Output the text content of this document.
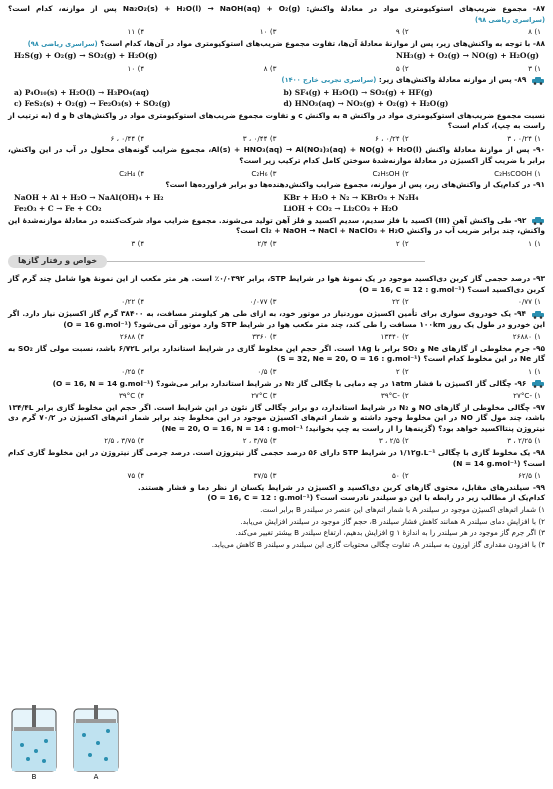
۸۷- مجموع ضریب‌های استوکیومتری مواد در معادلهٔ واکنش: Na₂O₂(s) + H₂O(l) → NaOH(aq) + O₂(g) پس از موازنه، کدام است؟ (سراسری ریاضی ۹۸)
۱) ۸
۲) ۹
۳) ۱۰
۴) ۱۱
۸۸- با توجه به واکنش‌های زیر، پس از موازنهٔ معادلهٔ آن‌ها، تفاوت مجموع ضریب‌های استوکیومتری مواد در آن‌ها، کدام است؟ (سراسری ریاضی ۹۸)
H₂S(g) + O₂(g) → SO₂(g) + H₂O(g)	NH₃(g) + O₂(g) → NO(g) + H₂O(g)
۱) ۳
۲) ۵
۳) ۸
۴) ۱۰
۸۹- پس از موازنه معادلهٔ واکنش‌های زیر: (سراسری تجربی خارج ۱۴۰۰)
a) P₄O₁₀(s) + H₂O(l) → H₃PO₄(aq)	b) SF₄(g) + H₂O(l) → SO₂(g) + HF(g)
c) FeS₂(s) + O₂(g) → Fe₂O₃(s) + SO₂(g)	d) HNO₃(aq) → NO₂(g) + O₂(g) + H₂O(g)
نسبت مجموع ضریب‌های استوکیومتری مواد در واکنش a به واکنش c و تفاوت مجموع ضریب‌های استوکیومتری مواد در واکنش‌های b و d (به ترتیب از راست به چپ)، کدام است؟
۱) ۰/۲۴ ، ۳
۲) ۰/۲۴ ، ۶
۳) ۰/۴۴ ، ۳
۴) ۰/۴۴ ، ۶
۹۰- پس از موازنهٔ معادلهٔ واکنش Al(s) + HNO₃(aq) → Al(NO₃)₃(aq) + NO(g) + H₂O(l)، مجموع ضرایب گونه‌های محلول در آب در این واکنش، برابر با ضریب گاز اکسیژن در معادلهٔ موازنه‌شدهٔ سوختن کامل کدام ترکیب زیر است؟
۱) C₂H₅COOH
۲) C₂H₅OH
۳) C₂H₆
۴) C₂H₄
۹۱- در کدام‌یک از واکنش‌های زیر، پس از موازنه، مجموع ضرایب واکنش‌دهنده‌ها دو برابر فراورده‌ها است؟
NaOH + Al + H₂O → NaAl(OH)₄ + H₂	KBr + H₂O + N₂ → KBrO₃ + N₂H₄
Fe₂O₃ + C → Fe + CO₂	LiOH + CO₂ → Li₂CO₃ + H₂O
۹۲- طی واکنش آهن (III) اکسید با فلز سدیم، سدیم اکسید و فلز آهن تولید می‌شوند. مجموع ضرایب مواد شرکت‌کننده در معادلهٔ موازنه‌شدهٔ این واکنش، چند برابر ضریب آب در واکنش Cl₂ + NaOH → NaCl + NaClO₃ + H₂O است؟
۱) ۱
۲) ۲
۳) ۲/۴
۴) ۳
خواص و رفتار گازها
۹۳- درصد حجمی گاز کربن دی‌اکسید موجود در یک نمونهٔ هوا در شرایط STP، برابر ۰/۰۳۹۲٪ است. هر متر مکعب از این نمونهٔ هوا شامل چند گرم گاز کربن دی‌اکسید است؟ (O = 16, C = 12 : g.mol⁻¹)
۱) ۰/۷۷
۲) ۲۲
۳) ۰/۰۷۷
۴) ۰/۲۲
۹۴- یک خودروی سواری برای تأمین اکسیژن موردنیاز در موتور خود، به ازای طی هر کیلومتر مسافت، به ۳۸۴۰۰ گرم گاز اکسیژن نیاز دارد. اگر این خودرو در طول یک روز ۱۰۰km مسافت را طی کند، چند متر مکعب هوا در شرایط STP وارد موتور آن می‌شود؟ (O = 16 g.mol⁻¹)
۱) ۲۶۸۸۰
۲) ۱۳۴۴۰
۳) ۳۳۶۰
۴) ۲۶۸۸
۹۵- جرم مخلوطی از گازهای Ne و SO₂ برابر با ۱۸g است. اگر حجم این مخلوط گازی در شرایط استاندارد برابر ۶/۷۲L باشد، نسبت مولی گاز SO₂ به گاز Ne در این مخلوط کدام است؟ (S = 32, Ne = 20, O = 16 : g.mol⁻¹)
۱) ۱
۲) ۲
۳) ۰/۵
۴) ۰/۲۵
۹۶- چگالی گاز اکسیژن با فشار ۱atm در چه دمایی با چگالی گاز N₂ در شرایط استاندارد برابر می‌شود؟ (O = 16, N = 14 g.mol⁻¹)
۱) -۲۷°C
۲) -۳۹°C
۳) ۲۷°C
۴) ۳۹°C
۹۷- چگالی مخلوطی از گازهای NO و N₂ در شرایط استاندارد، دو برابر چگالی گاز نئون در این شرایط است. اگر حجم این مخلوط گازی برابر ۱۳۴/۴L باشد، چند مول گاز NO در این مخلوط وجود داشته و شمار اتم‌های اکسیژن موجود در این مخلوط چند برابر شمار اتم‌های اکسیژن در ۷۰/۲ گرم دی نیتروژن پنتااکسید خواهد بود؟ (گزینه‌ها را از راست به چپ بخوانید؛ Ne = 20, O = 16, N = 14 : g.mol⁻¹)
۱) ۲/۲۵ ، ۳
۲) ۲/۵ ، ۳
۳) ۳/۷۵ ، ۲
۴) ۳/۷۵ ، ۲/۵
۹۸- یک مخلوط گازی با چگالی ۱/۱۲g.L⁻¹ در شرایط STP دارای ۵۶ درصد حجمی گاز نیتروژن است. درصد جرمی گاز نیتروژن در این مخلوط گازی کدام است؟ (N = 14 g.mol⁻¹)
۱) ۶۲/۵
۲) ۵۰
۳) ۳۷/۵
۴) ۷۵
۹۹- سیلندرهای مقابل، محتوی گازهای کربن دی‌اکسید و اکسیژن در شرایط یکسان از نظر دما و فشار هستند. کدام‌یک از مطالب زیر در رابطه با این دو سیلندر نادرست است؟ (O = 16, C = 12 : g.mol⁻¹)
۱) شمار اتم‌های اکسیژن موجود در سیلندر A با شمار اتم‌های این عنصر در سیلندر B برابر است.
۲) با افزایش دمای سیلندر A همانند کاهش فشار سیلندر B، حجم گاز موجود در سیلندر افزایش می‌یابد.
۳) اگر جرم گاز موجود در هر سیلندر را به اندازهٔ g ۱ افزایش بدهیم، ارتفاع سیلندر B بیشتر تغییر می‌کند.
۴) با افزودن مقداری گاز اوزون به سیلندر A، تفاوت چگالی محتویات گازی این سیلندر و سیلندر B کاهش می‌یابد.
B	A
